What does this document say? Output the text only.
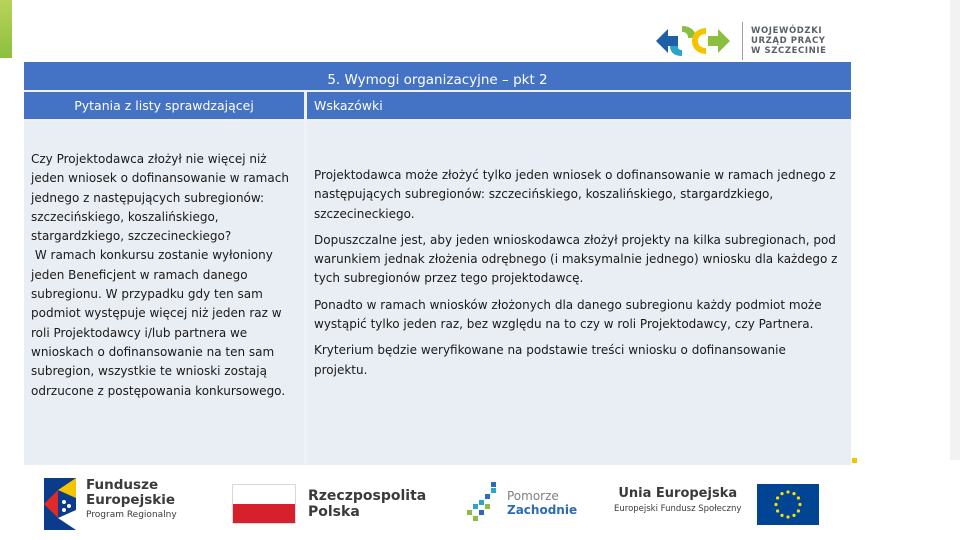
WOJEWÓDZKI
URZĄD PRACY
W SZCZECINIE
5. Wymogi organizacyjne – pkt 2
Pytania z listy sprawdzającej	Wskazówki

Czy Projektodawca złożył nie więcej niż jeden wniosek o dofinansowanie w ramach jednego z następujących subregionów: szczecińskiego, koszalińskiego, stargardzkiego, szczecineckiego?

W ramach konkursu zostanie wyłoniony jeden Beneficjent w ramach danego subregionu. W przypadku gdy ten sam podmiot występuje więcej niż jeden raz w roli Projektodawcy i/lub partnera we wnioskach o dofinansowanie na ten sam subregion, wszystkie te wnioski zostają odrzucone z postępowania konkursowego.

Projektodawca może złożyć tylko jeden wniosek o dofinansowanie w ramach jednego z następujących subregionów: szczecińskiego, koszalińskiego, stargardzkiego, szczecineckiego.

Dopuszczalne jest, aby jeden wnioskodawca złożył projekty na kilka subregionach, pod warunkiem jednak złożenia odrębnego (i maksymalnie jednego) wniosku dla każdego z tych subregionów przez tego projektodawcę.

Ponadto w ramach wniosków złożonych dla danego subregionu każdy podmiot może wystąpić tylko jeden raz, bez względu na to czy w roli Projektodawcy, czy Partnera.

Kryterium będzie weryfikowane na podstawie treści wniosku o dofinansowanie projektu.

Fundusze
Europejskie
Program Regionalny
Rzeczpospolita
Polska
Pomorze
Zachodnie
Unia Europejska
Europejski Fundusz Społeczny
